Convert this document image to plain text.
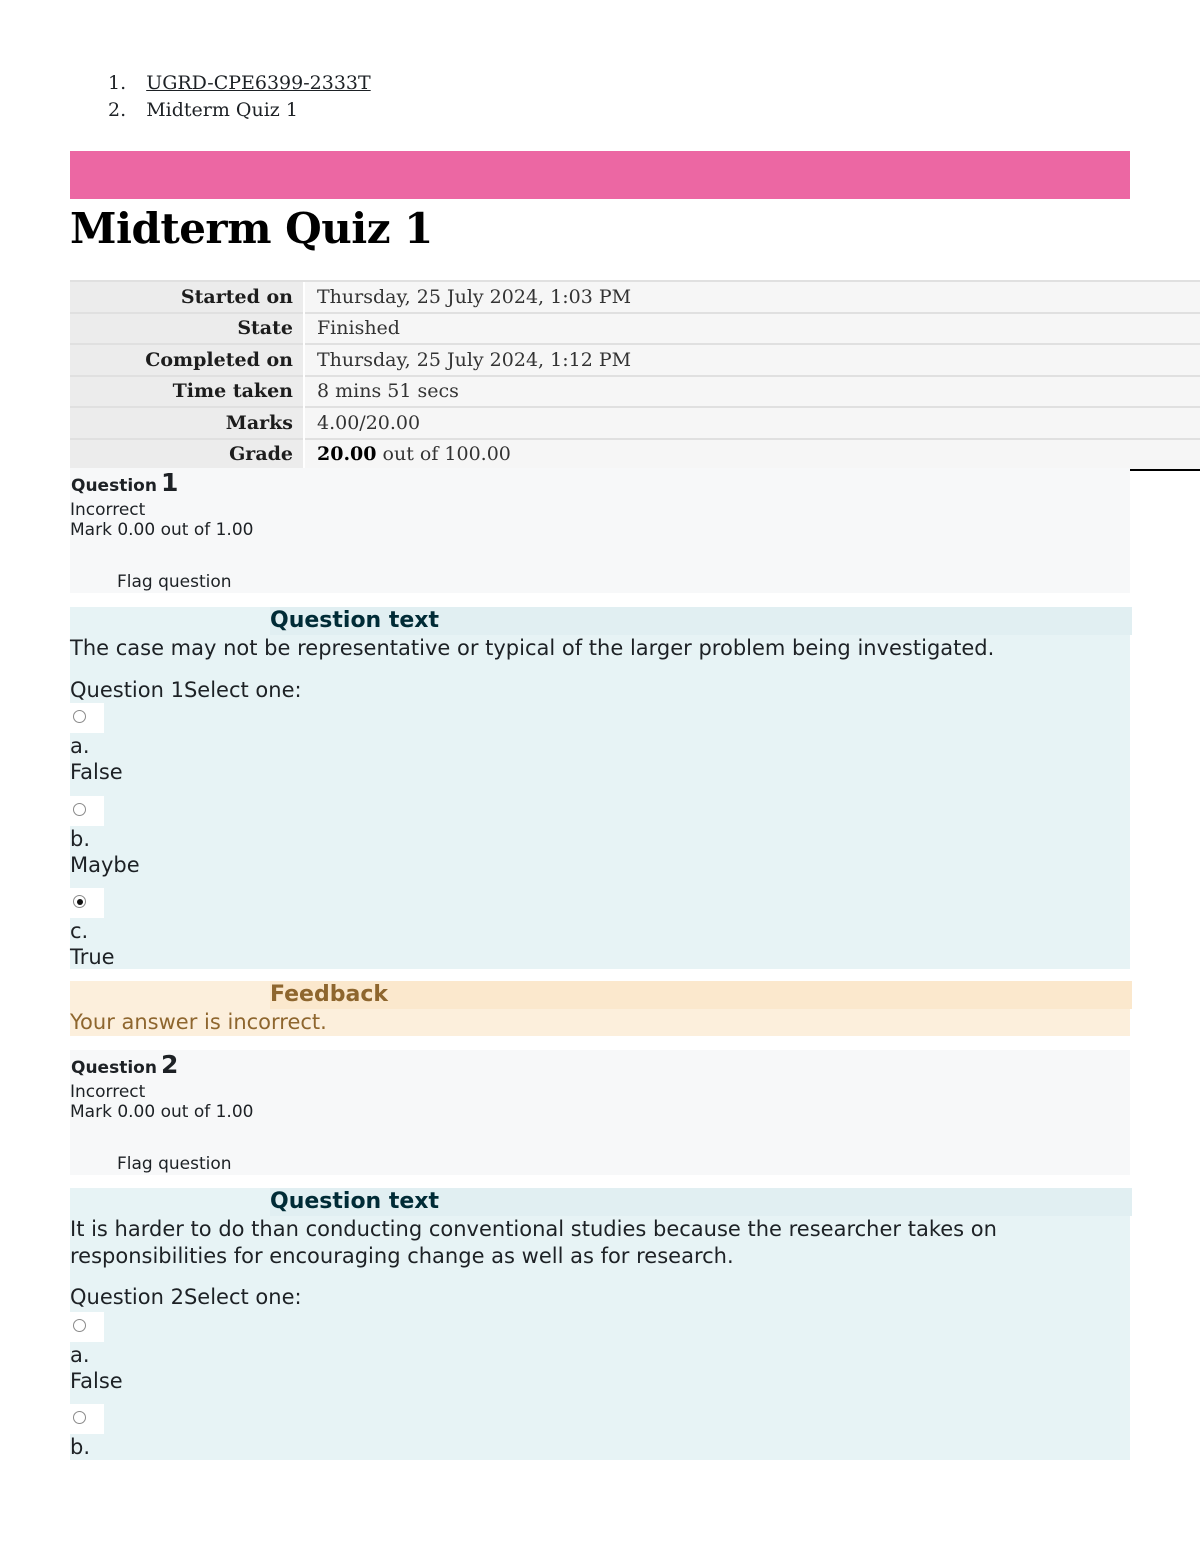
1. UGRD-CPE6399-2333T
2. Midterm Quiz 1
Midterm Quiz 1
Started on	Thursday, 25 July 2024, 1:03 PM
State	Finished
Completed on	Thursday, 25 July 2024, 1:12 PM
Time taken	8 mins 51 secs
Marks	4.00/20.00
Grade	20.00 out of 100.00
Question 1
Incorrect
Mark 0.00 out of 1.00
Flag question
Question text
The case may not be representative or typical of the larger problem being investigated.
Question 1Select one:
a.
False
b.
Maybe
c.
True
Feedback
Your answer is incorrect.
Question 2
Incorrect
Mark 0.00 out of 1.00
Flag question
Question text
It is harder to do than conducting conventional studies because the researcher takes on responsibilities for encouraging change as well as for research.
Question 2Select one:
a.
False
b.
